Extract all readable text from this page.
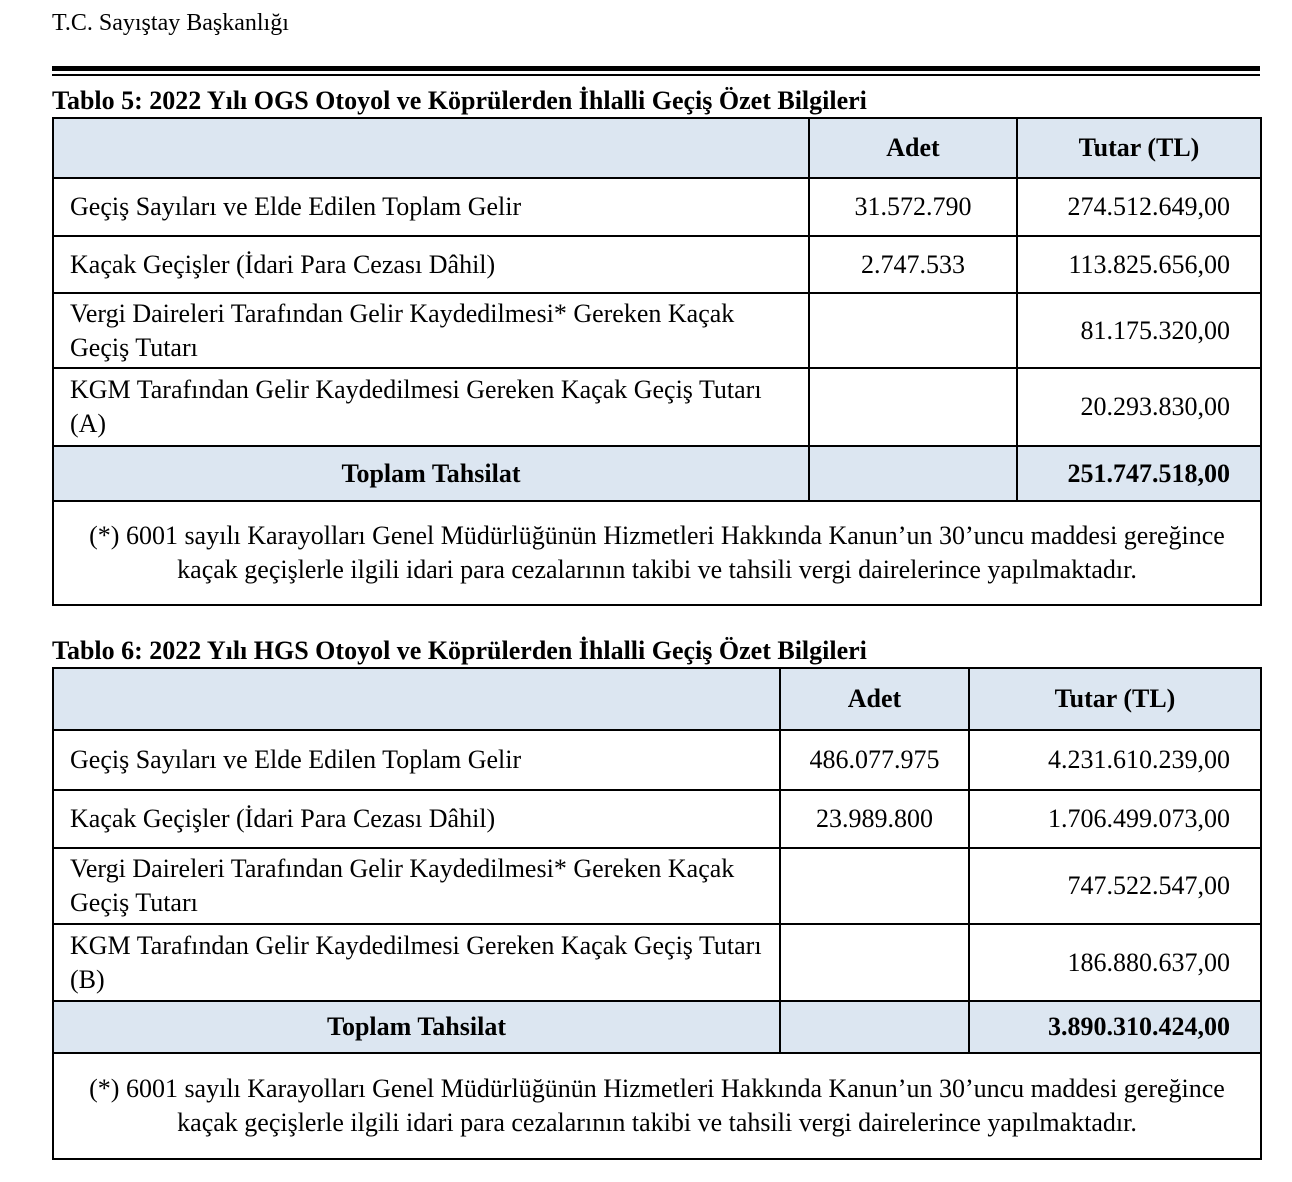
T.C. Sayıştay Başkanlığı
Tablo 5: 2022 Yılı OGS Otoyol ve Köprülerden İhlalli Geçiş Özet Bilgileri
	Adet	Tutar (TL)
Geçiş Sayıları ve Elde Edilen Toplam Gelir	31.572.790	274.512.649,00
Kaçak Geçişler (İdari Para Cezası Dâhil)	2.747.533	113.825.656,00
Vergi Daireleri Tarafından Gelir Kaydedilmesi* Gereken Kaçak Geçiş Tutarı		81.175.320,00
KGM Tarafından Gelir Kaydedilmesi Gereken Kaçak Geçiş Tutarı (A)		20.293.830,00
Toplam Tahsilat		251.747.518,00
(*) 6001 sayılı Karayolları Genel Müdürlüğünün Hizmetleri Hakkında Kanun’un 30’uncu maddesi gereğince kaçak geçişlerle ilgili idari para cezalarının takibi ve tahsili vergi dairelerince yapılmaktadır.		
Tablo 6: 2022 Yılı HGS Otoyol ve Köprülerden İhlalli Geçiş Özet Bilgileri
	Adet	Tutar (TL)
Geçiş Sayıları ve Elde Edilen Toplam Gelir	486.077.975	4.231.610.239,00
Kaçak Geçişler (İdari Para Cezası Dâhil)	23.989.800	1.706.499.073,00
Vergi Daireleri Tarafından Gelir Kaydedilmesi* Gereken Kaçak Geçiş Tutarı		747.522.547,00
KGM Tarafından Gelir Kaydedilmesi Gereken Kaçak Geçiş Tutarı (B)		186.880.637,00
Toplam Tahsilat		3.890.310.424,00
(*) 6001 sayılı Karayolları Genel Müdürlüğünün Hizmetleri Hakkında Kanun’un 30’uncu maddesi gereğince kaçak geçişlerle ilgili idari para cezalarının takibi ve tahsili vergi dairelerince yapılmaktadır.		
